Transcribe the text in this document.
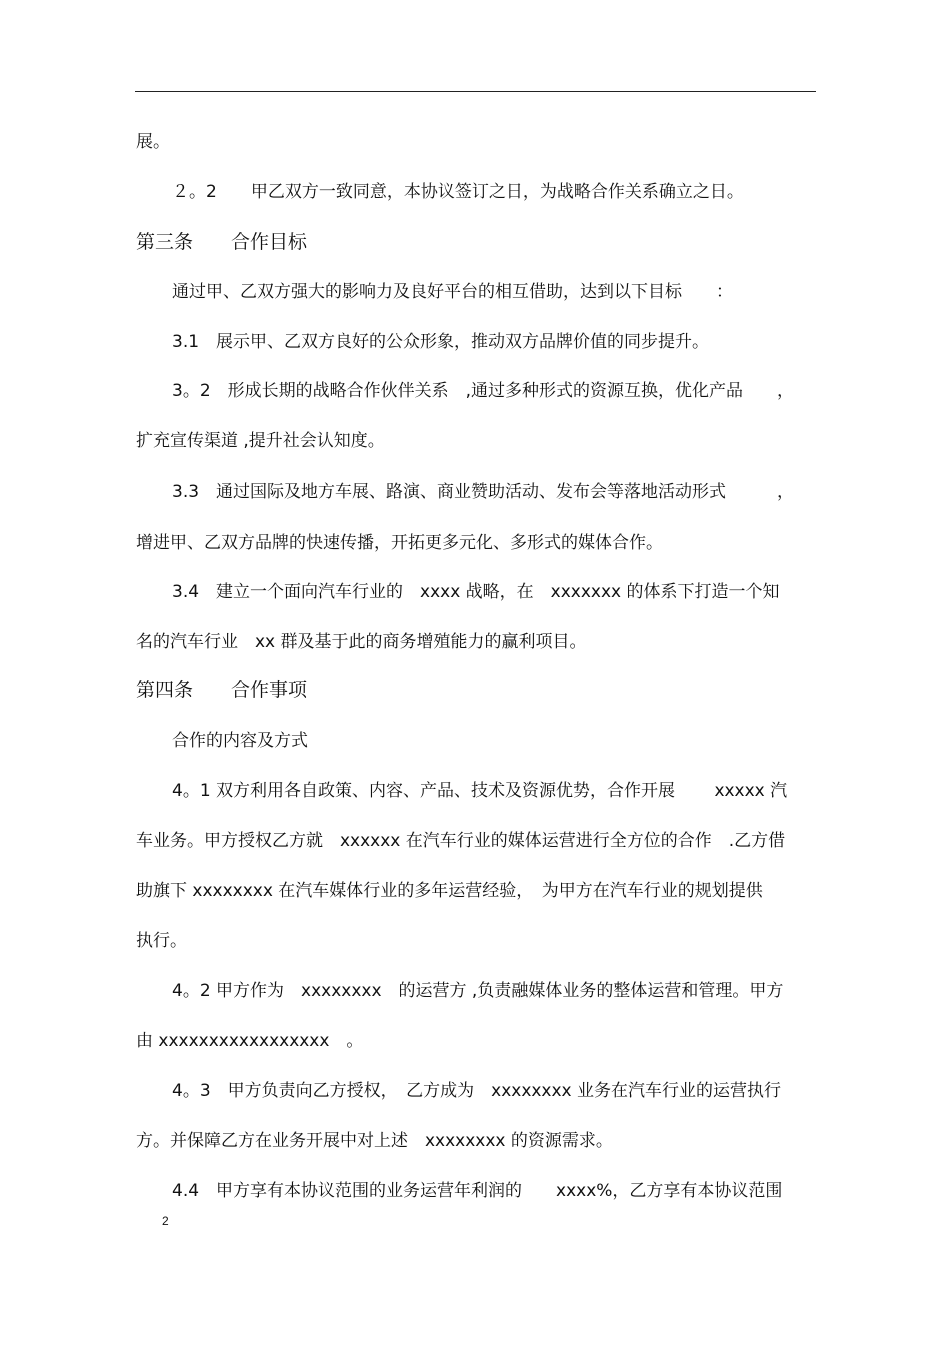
展。
２。2　　甲乙双方一致同意，本协议签订之日，为战略合作关系确立之日。
第三条　　合作目标
通过甲、乙双方强大的影响力及良好平台的相互借助，达到以下目标　　：
3.1　展示甲、乙双方良好的公众形象，推动双方品牌价值的同步提升。
3。2　形成长期的战略合作伙伴关系　,通过多种形式的资源互换，优化产品　　，
扩充宣传渠道 ,提升社会认知度。
3.3　通过国际及地方车展、路演、商业赞助活动、发布会等落地活动形式　　　，
增进甲、乙双方品牌的快速传播，开拓更多元化、多形式的媒体合作。
3.4　建立一个面向汽车行业的　xxxx 战略，在　xxxxxxx 的体系下打造一个知
名的汽车行业　xx 群及基于此的商务增殖能力的赢利项目。
第四条　　合作事项
合作的内容及方式
4。1 双方利用各自政策、内容、产品、技术及资源优势，合作开展　　 xxxxx 汽
车业务。甲方授权乙方就　xxxxxx 在汽车行业的媒体运营进行全方位的合作　.乙方借
助旗下 xxxxxxxx 在汽车媒体行业的多年运营经验，　为甲方在汽车行业的规划提供
执行。
4。2 甲方作为　xxxxxxxx　的运营方 ,负责融媒体业务的整体运营和管理。甲方
由 xxxxxxxxxxxxxxxxx　。
4。3　甲方负责向乙方授权，　乙方成为　xxxxxxxx 业务在汽车行业的运营执行
方。并保障乙方在业务开展中对上述　xxxxxxxx 的资源需求。
4.4　甲方享有本协议范围的业务运营年利润的　　xxxx%，乙方享有本协议范围
2
